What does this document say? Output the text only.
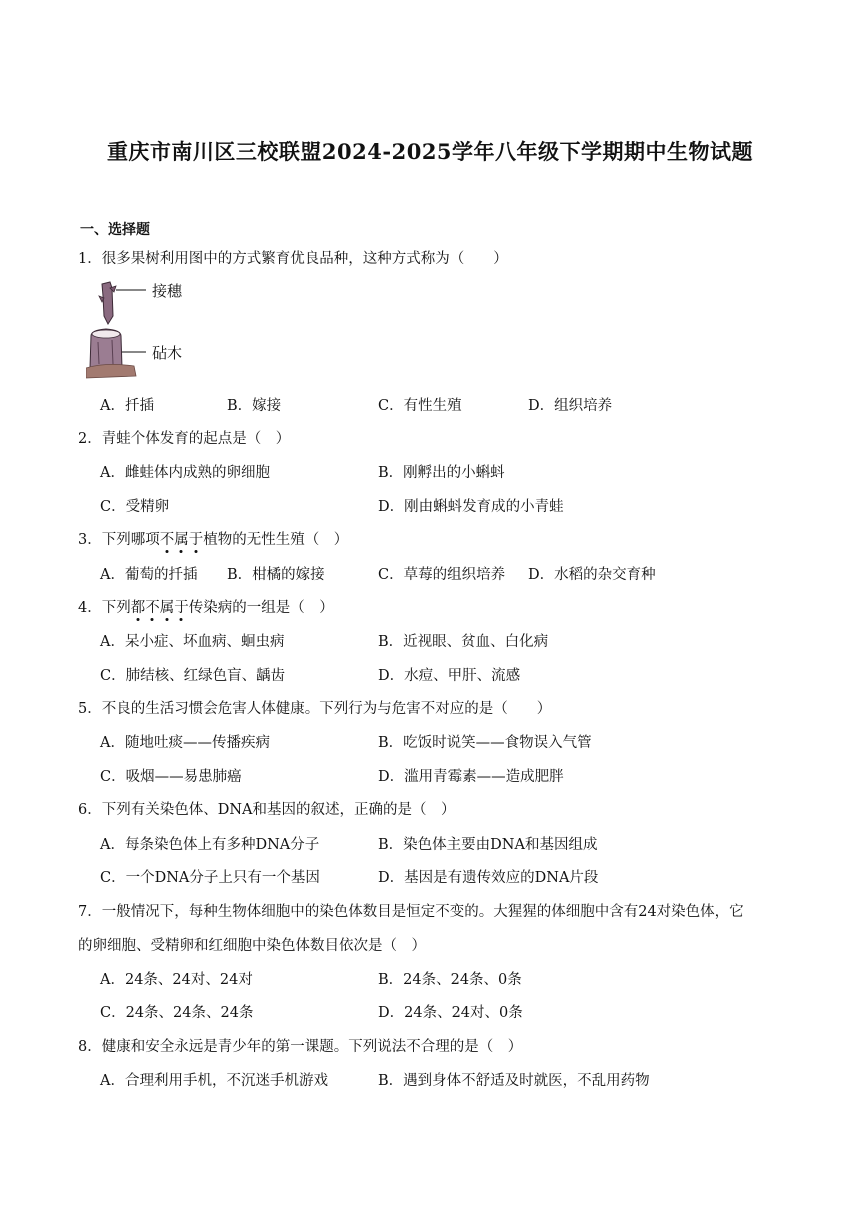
重庆市南川区三校联盟2024-2025学年八年级下学期期中生物试题
一、选择题
1．很多果树利用图中的方式繁育优良品种，这种方式称为（　　）
接穗
砧木
A．扦插	B．嫁接	C．有性生殖	D．组织培养
2．青蛙个体发育的起点是（　）
A．雌蛙体内成熟的卵细胞	B．刚孵出的小蝌蚪
C．受精卵	D．刚由蝌蚪发育成的小青蛙
3．下列哪项不属于植物的无性生殖（　）
A．葡萄的扦插 B．柑橘的嫁接	C．草莓的组织培养 D．水稻的杂交育种
4．下列都不属于传染病的一组是（　）
A．呆小症、坏血病、蛔虫病	B．近视眼、贫血、白化病
C．肺结核、红绿色盲、龋齿	D．水痘、甲肝、流感
5．不良的生活习惯会危害人体健康。下列行为与危害不对应的是（　　）
A．随地吐痰——传播疾病	B．吃饭时说笑——食物误入气管
C．吸烟——易患肺癌	D．滥用青霉素——造成肥胖
6．下列有关染色体、DNA和基因的叙述，正确的是（　）
A．每条染色体上有多种DNA分子	B．染色体主要由DNA和基因组成
C．一个DNA分子上只有一个基因	D．基因是有遗传效应的DNA片段
7．一般情况下，每种生物体细胞中的染色体数目是恒定不变的。大猩猩的体细胞中含有24对染色体，它
的卵细胞、受精卵和红细胞中染色体数目依次是（　）
A．24条、24对、24对	B．24条、24条、0条
C．24条、24条、24条	D．24条、24对、0条
8．健康和安全永远是青少年的第一课题。下列说法不合理的是（　）
A．合理利用手机，不沉迷手机游戏	B．遇到身体不舒适及时就医，不乱用药物
